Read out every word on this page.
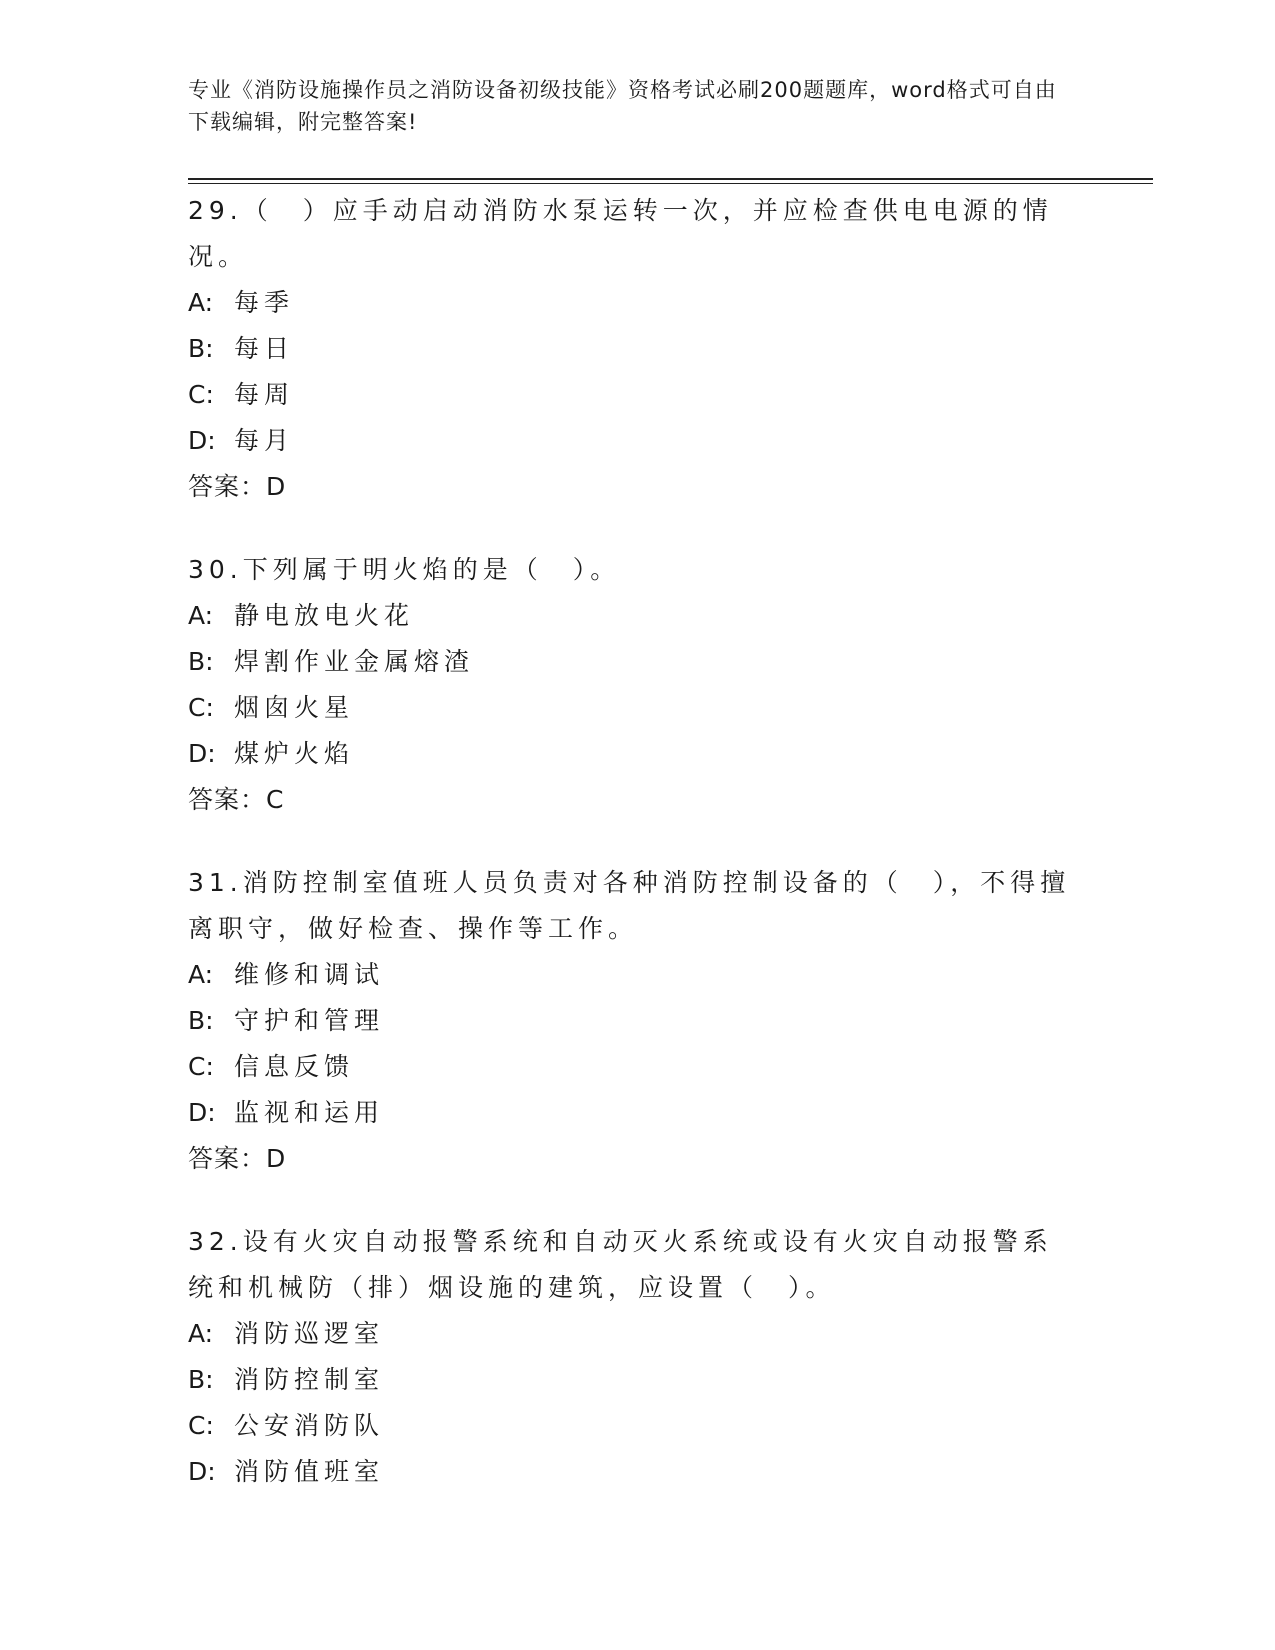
专业《消防设施操作员之消防设备初级技能》资格考试必刷200题题库，word格式可自由下载编辑，附完整答案!
29.（　）应手动启动消防水泵运转一次，并应检查供电电源的情况。
A: 每季
B: 每日
C: 每周
D: 每月
答案：D
30.下列属于明火焰的是（　）。
A: 静电放电火花
B: 焊割作业金属熔渣
C: 烟囱火星
D: 煤炉火焰
答案：C
31.消防控制室值班人员负责对各种消防控制设备的（　），不得擅离职守，做好检查、操作等工作。
A: 维修和调试
B: 守护和管理
C: 信息反馈
D: 监视和运用
答案：D
32.设有火灾自动报警系统和自动灭火系统或设有火灾自动报警系统和机械防（排）烟设施的建筑，应设置（　）。
A: 消防巡逻室
B: 消防控制室
C: 公安消防队
D: 消防值班室
